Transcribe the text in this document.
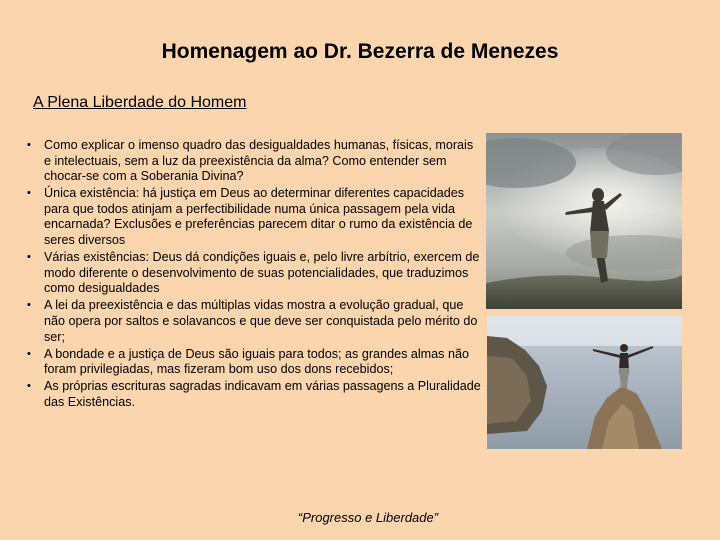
Homenagem ao Dr. Bezerra de Menezes
A Plena Liberdade do Homem
• Como explicar o imenso quadro das desigualdades humanas, físicas, morais e intelectuais, sem a luz da preexistência da alma? Como entender sem chocar-se com a Soberania Divina?
• Única existência: há justiça em Deus ao determinar diferentes capacidades para que todos atinjam a perfectibilidade numa única passagem pela vida encarnada? Exclusões e preferências parecem ditar o rumo da existência de seres diversos
• Várias existências: Deus dá condições iguais e, pelo livre arbítrio, exercem de modo diferente o desenvolvimento de suas potencialidades, que traduzimos como desigualdades
• A lei da preexistência e das múltiplas vidas mostra a evolução gradual, que não opera por saltos e solavancos e que deve ser conquistada pelo mérito do ser;
• A bondade e a justiça de Deus são iguais para todos; as grandes almas não foram privilegiadas, mas fizeram bom uso dos dons recebidos;
• As próprias escrituras sagradas indicavam em várias passagens a Pluralidade das Existências.
“Progresso e Liberdade”
